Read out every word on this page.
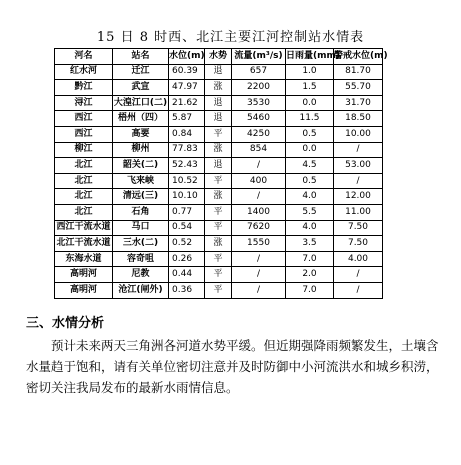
15 日 8 时西、北江主要江河控制站水情表
河名	站名	水位(m)	水势	流量(m³/s)	日雨量(mm)	警戒水位(m)
红水河	迁江	60.39	退	657	1.0	81.70
黔江	武宣	47.97	涨	2200	1.5	55.70
浔江	大湟江口(二)	21.62	退	3530	0.0	31.70
西江	梧州（四）	5.87	退	5460	11.5	18.50
西江	高要	0.84	平	4250	0.5	10.00
柳江	柳州	77.83	涨	854	0.0	/
北江	韶关(二)	52.43	退	/	4.5	53.00
北江	飞来峡	10.52	平	400	0.5	/
北江	清远(三)	10.10	涨	/	4.0	12.00
北江	石角	0.77	平	1400	5.5	11.00
西江干流水道	马口	0.54	平	7620	4.0	7.50
北江干流水道	三水(二)	0.52	涨	1550	3.5	7.50
东海水道	容奇咀	0.26	平	/	7.0	4.00
高明河	尼教	0.44	平	/	2.0	/
高明河	沧江(闸外)	0.36	平	/	7.0	/
三、水情分析

预计未来两天三角洲各河道水势平缓。但近期强降雨频繁发生，土壤含水量趋于饱和，请有关单位密切注意并及时防御中小河流洪水和城乡积涝，密切关注我局发布的最新水雨情信息。
